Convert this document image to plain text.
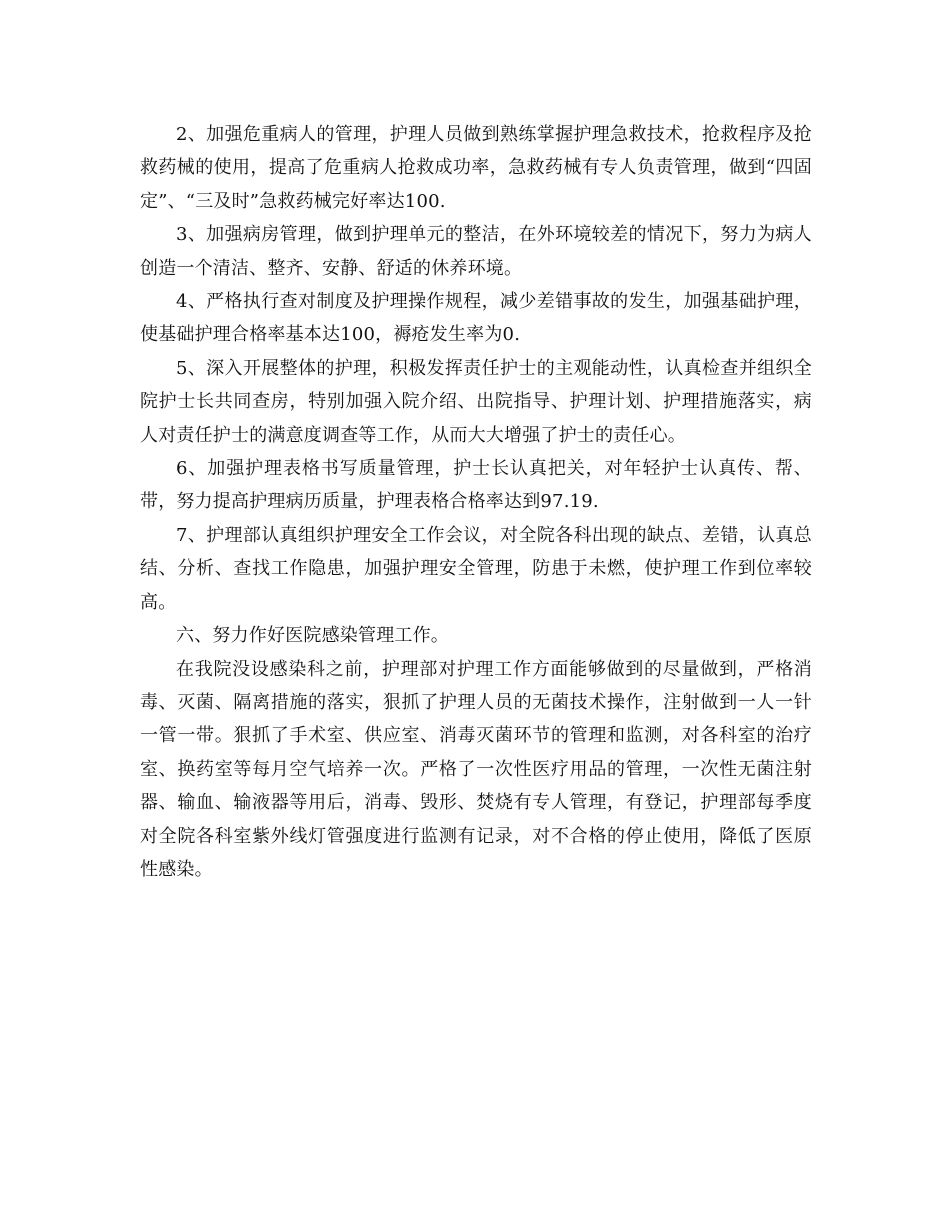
2、加强危重病人的管理，护理人员做到熟练掌握护理急救技术，抢救程序及抢救药械的使用，提高了危重病人抢救成功率，急救药械有专人负责管理，做到“四固定”、“三及时”急救药械完好率达100.

3、加强病房管理，做到护理单元的整洁，在外环境较差的情况下，努力为病人创造一个清洁、整齐、安静、舒适的休养环境。

4、严格执行查对制度及护理操作规程，减少差错事故的发生，加强基础护理，使基础护理合格率基本达100，褥疮发生率为0.

5、深入开展整体的护理，积极发挥责任护士的主观能动性，认真检查并组织全院护士长共同查房，特别加强入院介绍、出院指导、护理计划、护理措施落实，病人对责任护士的满意度调查等工作，从而大大增强了护士的责任心。

6、加强护理表格书写质量管理，护士长认真把关，对年轻护士认真传、帮、带，努力提高护理病历质量，护理表格合格率达到97.19.

7、护理部认真组织护理安全工作会议，对全院各科出现的缺点、差错，认真总结、分析、查找工作隐患，加强护理安全管理，防患于未燃，使护理工作到位率较高。

六、努力作好医院感染管理工作。

在我院没设感染科之前，护理部对护理工作方面能够做到的尽量做到，严格消毒、灭菌、隔离措施的落实，狠抓了护理人员的无菌技术操作，注射做到一人一针一管一带。狠抓了手术室、供应室、消毒灭菌环节的管理和监测，对各科室的治疗室、换药室等每月空气培养一次。严格了一次性医疗用品的管理，一次性无菌注射器、输血、输液器等用后，消毒、毁形、焚烧有专人管理，有登记，护理部每季度对全院各科室紫外线灯管强度进行监测有记录，对不合格的停止使用，降低了医原性感染。
